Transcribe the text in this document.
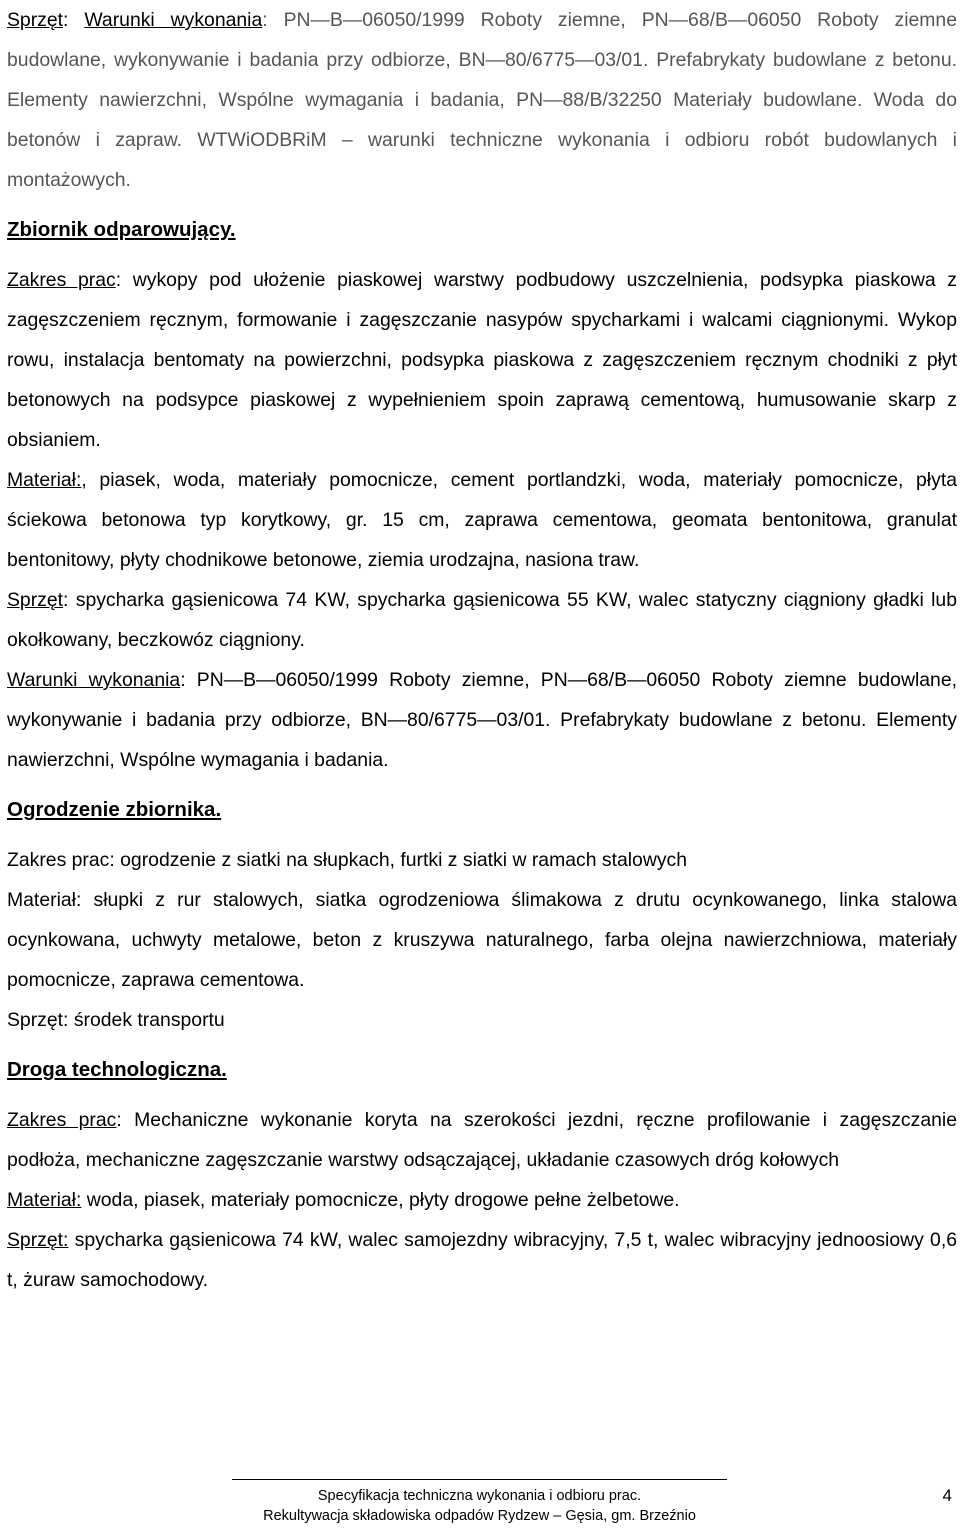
Sprzęt: Warunki wykonania: PN—B—06050/1999 Roboty ziemne, PN—68/B—06050 Roboty ziemne budowlane, wykonywanie i badania przy odbiorze, BN—80/6775—03/01. Prefabrykaty budowlane z betonu. Elementy nawierzchni, Wspólne wymagania i badania, PN—88/B/32250 Materiały budowlane. Woda do betonów i zapraw. WTWiODBRiM – warunki techniczne wykonania i odbioru robót budowlanych i montażowych.

Zbiornik odparowujący.

Zakres prac: wykopy pod ułożenie piaskowej warstwy podbudowy uszczelnienia, podsypka piaskowa z zagęszczeniem ręcznym, formowanie i zagęszczanie nasypów spycharkami i walcami ciągnionymi. Wykop rowu, instalacja bentomaty na powierzchni, podsypka piaskowa z zagęszczeniem ręcznym chodniki z płyt betonowych na podsypce piaskowej z wypełnieniem spoin zaprawą cementową, humusowanie skarp z obsianiem.

Materiał:, piasek, woda, materiały pomocnicze, cement portlandzki, woda, materiały pomocnicze, płyta ściekowa betonowa typ korytkowy, gr. 15 cm, zaprawa cementowa, geomata bentonitowa, granulat bentonitowy, płyty chodnikowe betonowe, ziemia urodzajna, nasiona traw.

Sprzęt: spycharka gąsienicowa 74 KW, spycharka gąsienicowa 55 KW, walec statyczny ciągniony gładki lub okołkowany, beczkowóz ciągniony.

Warunki wykonania: PN—B—06050/1999 Roboty ziemne, PN—68/B—06050 Roboty ziemne budowlane, wykonywanie i badania przy odbiorze, BN—80/6775—03/01. Prefabrykaty budowlane z betonu. Elementy nawierzchni, Wspólne wymagania i badania.

Ogrodzenie zbiornika.

Zakres prac: ogrodzenie z siatki na słupkach, furtki z siatki w ramach stalowych

Materiał: słupki z rur stalowych, siatka ogrodzeniowa ślimakowa z drutu ocynkowanego, linka stalowa ocynkowana, uchwyty metalowe, beton z kruszywa naturalnego, farba olejna nawierzchniowa, materiały pomocnicze, zaprawa cementowa.

Sprzęt: środek transportu

Droga technologiczna.

Zakres prac: Mechaniczne wykonanie koryta na szerokości jezdni, ręczne profilowanie i zagęszczanie podłoża, mechaniczne zagęszczanie warstwy odsączającej, układanie czasowych dróg kołowych

Materiał: woda, piasek, materiały pomocnicze, płyty drogowe pełne żelbetowe.

Sprzęt: spycharka gąsienicowa 74 kW, walec samojezdny wibracyjny, 7,5 t, walec wibracyjny jednoosiowy 0,6 t, żuraw samochodowy.

Specyfikacja techniczna wykonania i odbioru prac.
Rekultywacja składowiska odpadów Rydzew – Gęsia, gm. Brzeźnio
4
